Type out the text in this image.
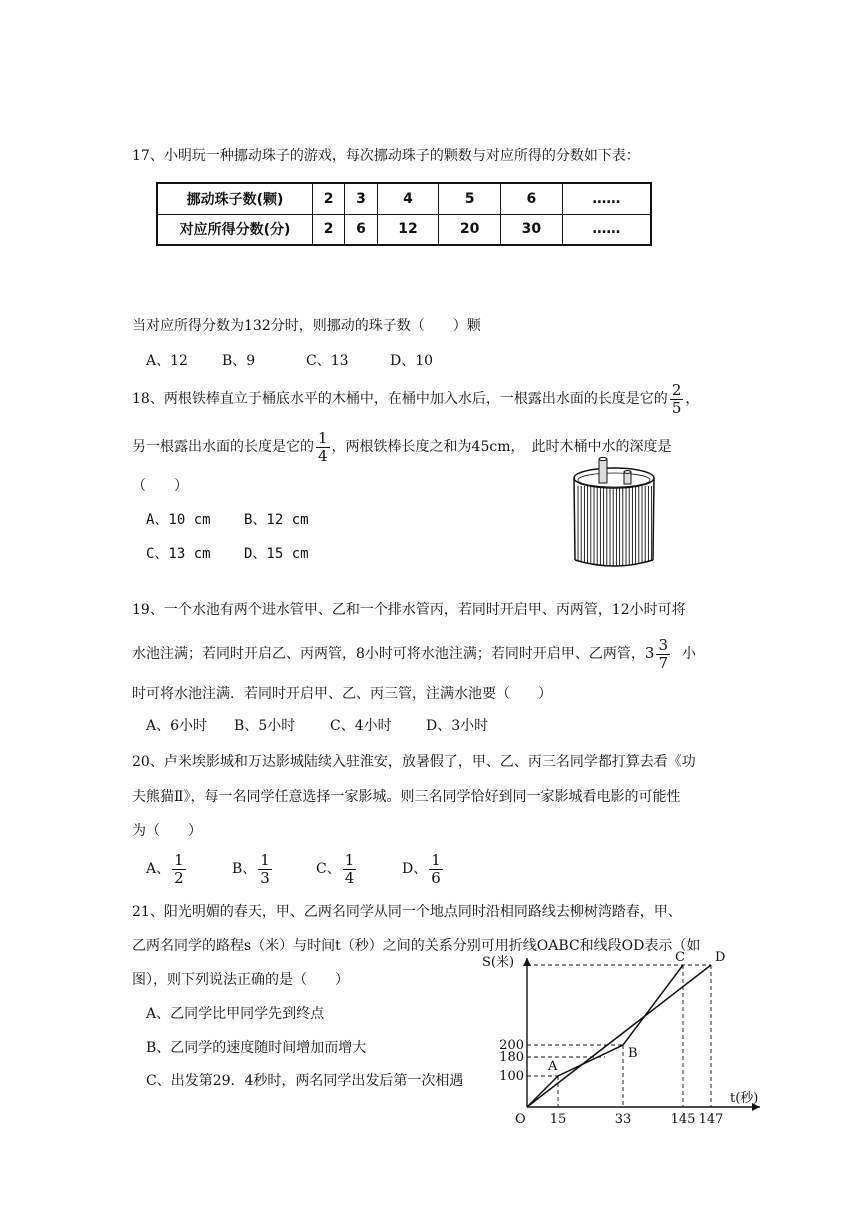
17、小明玩一种挪动珠子的游戏，每次挪动珠子的颗数与对应所得的分数如下表：
挪动珠子数(颗)	2	3	4	5	6	……
对应所得分数(分)	2	6	12	20	30	……
当对应所得分数为132分时，则挪动的珠子数（　　）颗
A、12 B、9	C、13	D、10
18、两根铁棒直立于桶底水平的木桶中，在桶中加入水后，一根露出水面的长度是它的 $\frac{2}{5}$ ，
另一根露出水面的长度是它的 $\frac{1}{4}$ ，两根铁棒长度之和为45cm，　此时木桶中水的深度是
（　　）
A、10 cm B、12 cm
C、13 cm D、15 cm
19、一个水池有两个进水管甲、乙和一个排水管丙，若同时开启甲、丙两管，12小时可将
水池注满；若同时开启乙、丙两管，8小时可将水池注满；若同时开启甲、乙两管，$3 \frac{3}{7}$ 小
时可将水池注满．若同时开启甲、乙、丙三管，注满水池要（　　）
A、6小时 B、5小时 C、4小时 D、3小时
20、卢米埃影城和万达影城陆续入驻淮安，放暑假了，甲、乙、丙三名同学都打算去看《功
夫熊猫Ⅱ》，每一名同学任意选择一家影城。则三名同学恰好到同一家影城看电影的可能性
为（　　）
A、 $\frac{1}{2}$	B、 $\frac{1}{3}$	C、 $\frac{1}{4}$	D、 $\frac{1}{6}$
21、阳光明媚的春天，甲、乙两名同学从同一个地点同时沿相同路线去柳树湾踏春，甲、
乙两名同学的路程s（米）与时间t（秒）之间的关系分别可用折线OABC和线段OD表示（如
图），则下列说法正确的是（　　）
A、乙同学比甲同学先到终点
B、乙同学的速度随时间增加而增大
C、出发第29．4秒时，两名同学出发后第一次相遇
S(米)
t(秒)
O
A
B
C D
15	33	145 147
100
180
200
